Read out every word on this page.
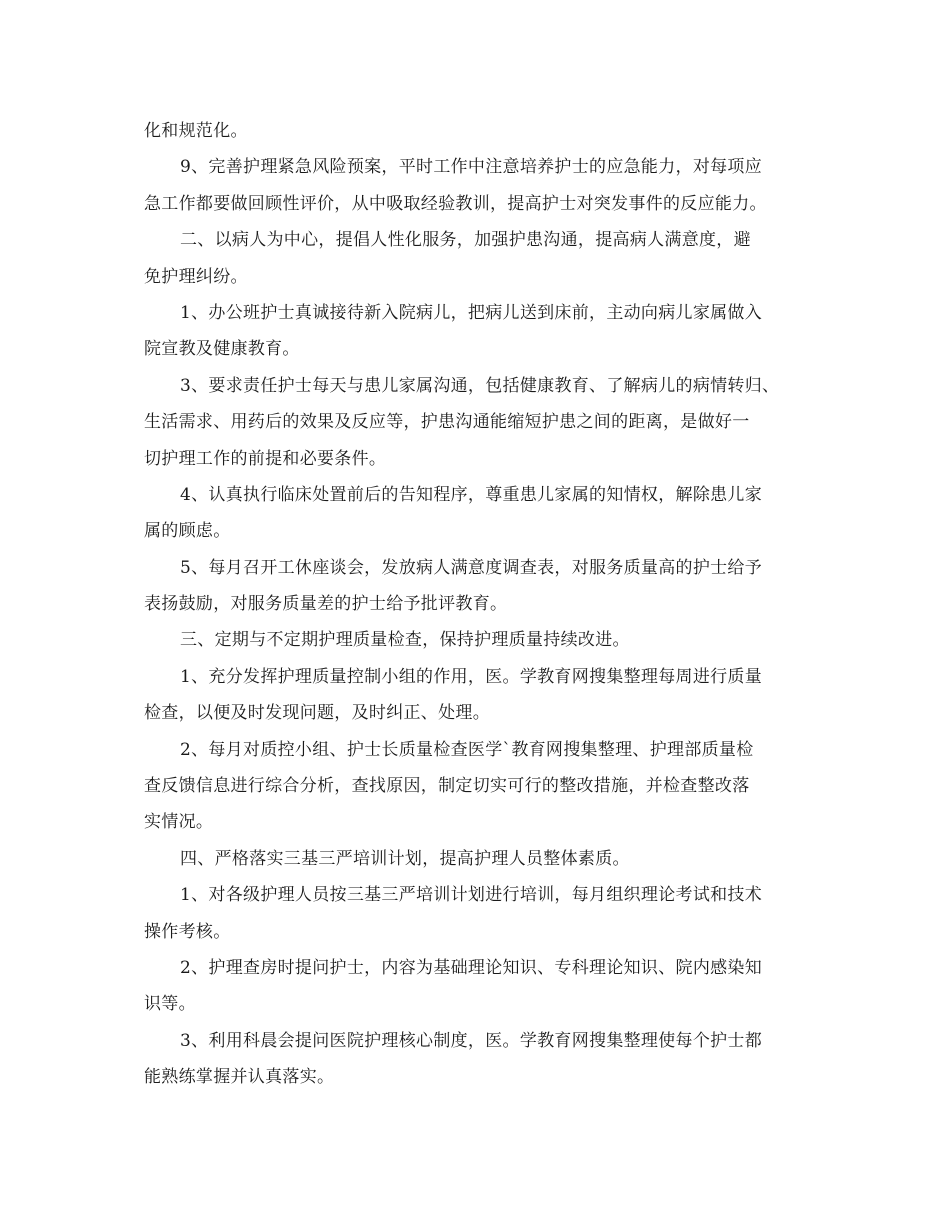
化和规范化。
9、完善护理紧急风险预案，平时工作中注意培养护士的应急能力，对每项应
急工作都要做回顾性评价，从中吸取经验教训，提高护士对突发事件的反应能力。
二、以病人为中心，提倡人性化服务，加强护患沟通，提高病人满意度，避
免护理纠纷。
1、办公班护士真诚接待新入院病儿，把病儿送到床前，主动向病儿家属做入
院宣教及健康教育。
3、要求责任护士每天与患儿家属沟通，包括健康教育、了解病儿的病情转归、
生活需求、用药后的效果及反应等，护患沟通能缩短护患之间的距离，是做好一
切护理工作的前提和必要条件。
4、认真执行临床处置前后的告知程序，尊重患儿家属的知情权，解除患儿家
属的顾虑。
5、每月召开工休座谈会，发放病人满意度调查表，对服务质量高的护士给予
表扬鼓励，对服务质量差的护士给予批评教育。
三、定期与不定期护理质量检查，保持护理质量持续改进。
1、充分发挥护理质量控制小组的作用，医。学教育网搜集整理每周进行质量
检查，以便及时发现问题，及时纠正、处理。
2、每月对质控小组、护士长质量检查医学`教育网搜集整理、护理部质量检
查反馈信息进行综合分析，查找原因，制定切实可行的整改措施，并检查整改落
实情况。
四、严格落实三基三严培训计划，提高护理人员整体素质。
1、对各级护理人员按三基三严培训计划进行培训，每月组织理论考试和技术
操作考核。
2、护理查房时提问护士，内容为基础理论知识、专科理论知识、院内感染知
识等。
3、利用科晨会提问医院护理核心制度，医。学教育网搜集整理使每个护士都
能熟练掌握并认真落实。
